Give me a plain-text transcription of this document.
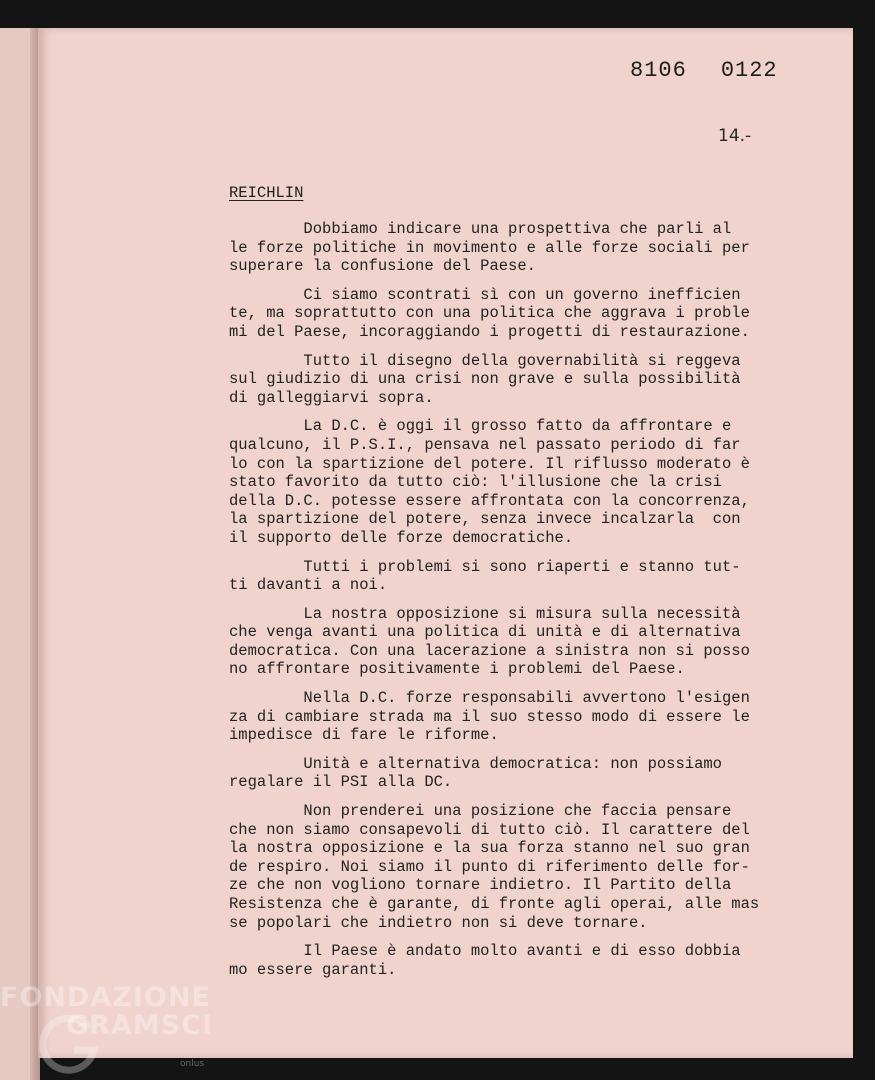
8106 0122
14.-
REICHLIN
Dobbiamo indicare una prospettiva che parli al
le forze politiche in movimento e alle forze sociali per
superare la confusione del Paese.
Ci siamo scontrati sì con un governo inefficien
te, ma soprattutto con una politica che aggrava i proble
mi del Paese, incoraggiando i progetti di restaurazione.
Tutto il disegno della governabilità si reggeva
sul giudizio di una crisi non grave e sulla possibilità
di galleggiarvi sopra.
La D.C. è oggi il grosso fatto da affrontare e
qualcuno, il P.S.I., pensava nel passato periodo di far
lo con la spartizione del potere. Il riflusso moderato è
stato favorito da tutto ciò: l'illusione che la crisi
della D.C. potesse essere affrontata con la concorrenza,
la spartizione del potere, senza invece incalzarla  con
il supporto delle forze democratiche.
Tutti i problemi si sono riaperti e stanno tut-
ti davanti a noi.
La nostra opposizione si misura sulla necessità
che venga avanti una politica di unità e di alternativa
democratica. Con una lacerazione a sinistra non si posso
no affrontare positivamente i problemi del Paese.
Nella D.C. forze responsabili avvertono l'esigen
za di cambiare strada ma il suo stesso modo di essere le
impedisce di fare le riforme.
Unità e alternativa democratica: non possiamo
regalare il PSI alla DC.
Non prenderei una posizione che faccia pensare
che non siamo consapevoli di tutto ciò. Il carattere del
la nostra opposizione e la sua forza stanno nel suo gran
de respiro. Noi siamo il punto di riferimento delle for-
ze che non vogliono tornare indietro. Il Partito della
Resistenza che è garante, di fronte agli operai, alle mas
se popolari che indietro non si deve tornare.
Il Paese è andato molto avanti e di esso dobbia
mo essere garanti.
FONDAZIONE
GRAMSCI
onlus
